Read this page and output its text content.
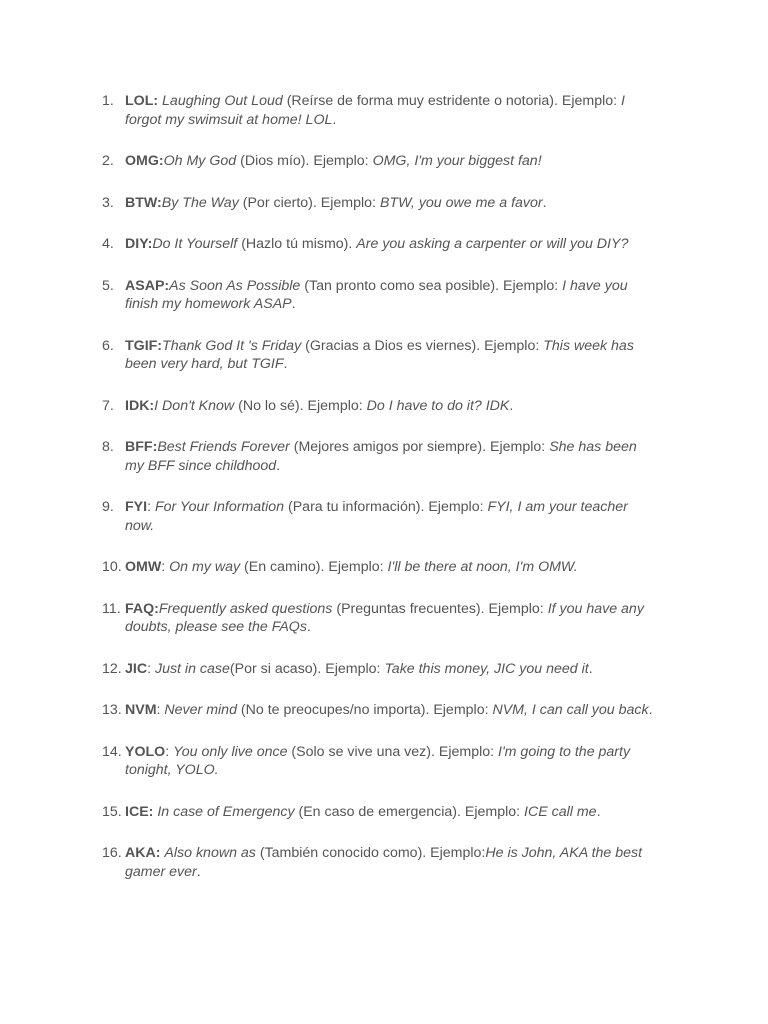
1. LOL: Laughing Out Loud (Reírse de forma muy estridente o notoria). Ejemplo: I forgot my swimsuit at home! LOL.
2. OMG:Oh My God (Dios mío). Ejemplo: OMG, I'm your biggest fan!
3. BTW:By The Way (Por cierto). Ejemplo: BTW, you owe me a favor.
4. DIY:Do It Yourself (Hazlo tú mismo). Are you asking a carpenter or will you DIY?
5. ASAP:As Soon As Possible (Tan pronto como sea posible). Ejemplo: I have you finish my homework ASAP.
6. TGIF:Thank God It 's Friday (Gracias a Dios es viernes). Ejemplo: This week has been very hard, but TGIF.
7. IDK:I Don't Know (No lo sé). Ejemplo: Do I have to do it? IDK.
8. BFF:Best Friends Forever (Mejores amigos por siempre). Ejemplo: She has been my BFF since childhood.
9. FYI: For Your Information (Para tu información). Ejemplo: FYI, I am your teacher now.
10. OMW: On my way (En camino). Ejemplo: I'll be there at noon, I'm OMW.
11. FAQ:Frequently asked questions (Preguntas frecuentes). Ejemplo: If you have any doubts, please see the FAQs.
12. JIC: Just in case(Por si acaso). Ejemplo: Take this money, JIC you need it.
13. NVM: Never mind (No te preocupes/no importa). Ejemplo: NVM, I can call you back.
14. YOLO: You only live once (Solo se vive una vez). Ejemplo: I'm going to the party tonight, YOLO.
15. ICE: In case of Emergency (En caso de emergencia). Ejemplo: ICE call me.
16. AKA: Also known as (También conocido como). Ejemplo:He is John, AKA the best gamer ever.
